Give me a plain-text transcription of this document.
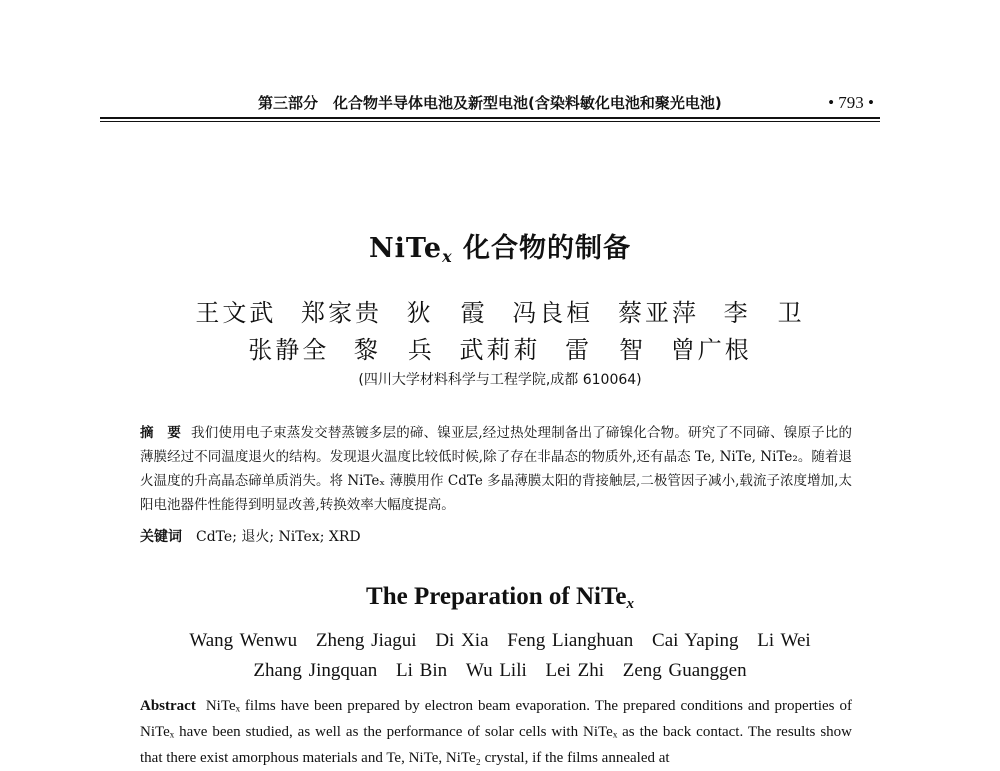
第三部分　化合物半导体电池及新型电池(含染料敏化电池和聚光电池)	• 793 •
NiTe$_x$ 化合物的制备
王文武 郑家贵 狄　霞 冯良桓 蔡亚萍 李　卫
张静全 黎　兵 武莉莉 雷　智 曾广根
(四川大学材料科学与工程学院,成都 610064)
摘　要 我们使用电子束蒸发交替蒸镀多层的碲、镍亚层,经过热处理制备出了碲镍化合物。研究了不同碲、镍原子比的薄膜经过不同温度退火的结构。发现退火温度比较低时候,除了存在非晶态的物质外,还有晶态 Te, NiTe, NiTe₂。随着退火温度的升高晶态碲单质消失。将 NiTeₓ 薄膜用作 CdTe 多晶薄膜太阳的背接触层,二极管因子减小,载流子浓度增加,太阳电池器件性能得到明显改善,转换效率大幅度提高。
关键词 CdTe; 退火; NiTex; XRD
The Preparation of NiTe$_x$
Wang Wenwu Zheng Jiagui Di Xia Feng Lianghuan Cai Yaping Li Wei
Zhang Jingquan Li Bin Wu Lili Lei Zhi Zeng Guanggen
Abstract NiTeₓ films have been prepared by electron beam evaporation. The prepared conditions and properties of NiTeₓ have been studied, as well as the performance of solar cells with NiTeₓ as the back contact. The results show that there exist amorphous materials and Te, NiTe, NiTe₂ crystal, if the films annealed at
